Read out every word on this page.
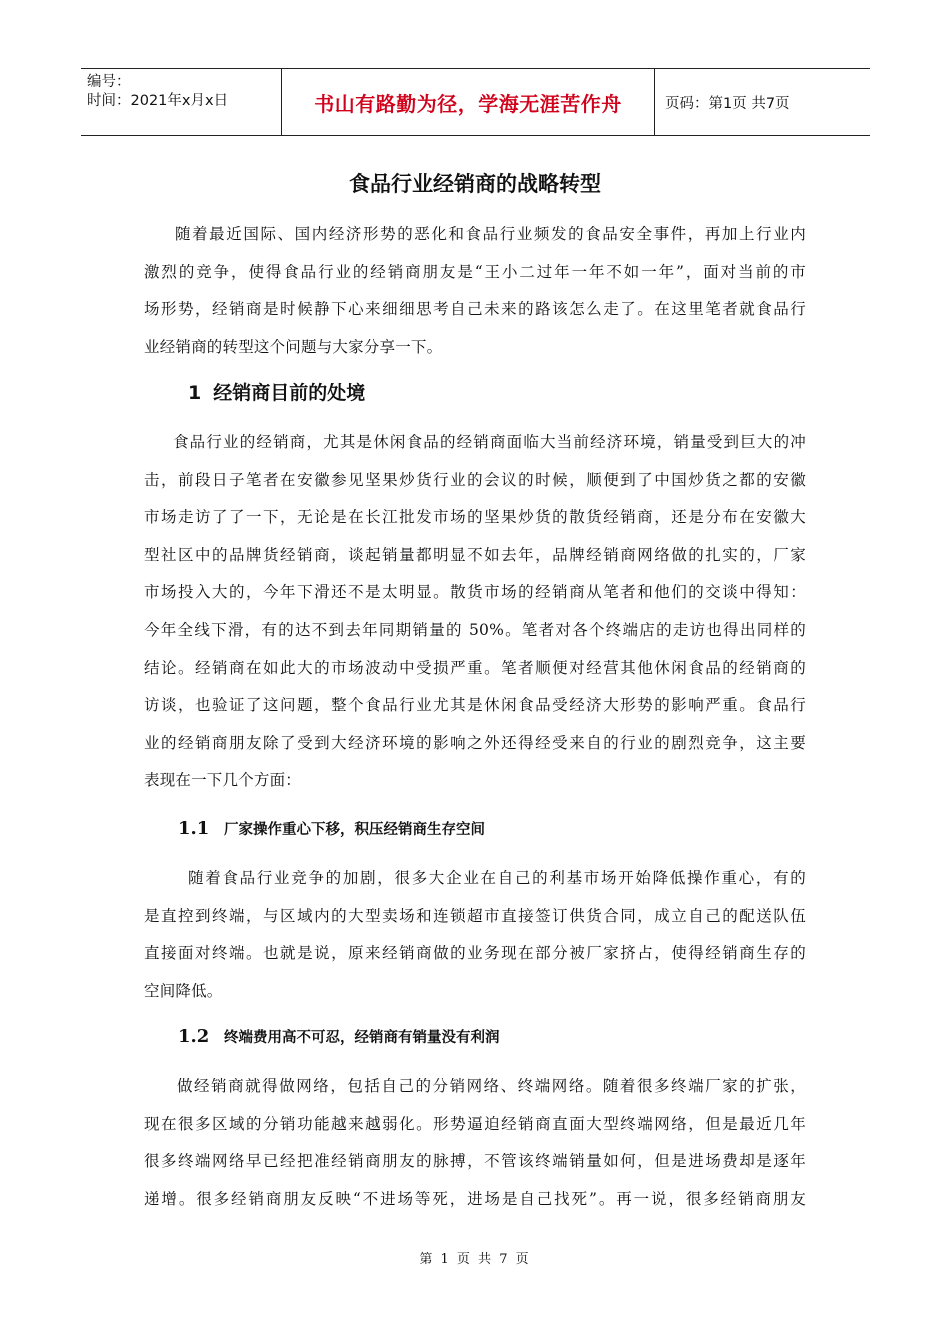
编号：
时间：2021年x月x日	书山有路勤为径，学海无涯苦作舟	页码：第1页 共7页
食品行业经销商的战略转型
随着最近国际、国内经济形势的恶化和食品行业频发的食品安全事件，再加上行业内
激烈的竞争，使得食品行业的经销商朋友是“王小二过年一年不如一年”，面对当前的市
场形势，经销商是时候静下心来细细思考自己未来的路该怎么走了。在这里笔者就食品行
业经销商的转型这个问题与大家分享一下。
1 经销商目前的处境
食品行业的经销商，尤其是休闲食品的经销商面临大当前经济环境，销量受到巨大的冲
击，前段日子笔者在安徽参见坚果炒货行业的会议的时候，顺便到了中国炒货之都的安徽
市场走访了了一下，无论是在长江批发市场的坚果炒货的散货经销商，还是分布在安徽大
型社区中的品牌货经销商，谈起销量都明显不如去年，品牌经销商网络做的扎实的，厂家
市场投入大的，今年下滑还不是太明显。散货市场的经销商从笔者和他们的交谈中得知：
今年全线下滑，有的达不到去年同期销量的 50%。笔者对各个终端店的走访也得出同样的
结论。经销商在如此大的市场波动中受损严重。笔者顺便对经营其他休闲食品的经销商的
访谈，也验证了这问题，整个食品行业尤其是休闲食品受经济大形势的影响严重。食品行
业的经销商朋友除了受到大经济环境的影响之外还得经受来自的行业的剧烈竞争，这主要
表现在一下几个方面：
1.1	厂家操作重心下移，积压经销商生存空间
随着食品行业竞争的加剧，很多大企业在自己的利基市场开始降低操作重心，有的
是直控到终端，与区域内的大型卖场和连锁超市直接签订供货合同，成立自己的配送队伍
直接面对终端。也就是说，原来经销商做的业务现在部分被厂家挤占，使得经销商生存的
空间降低。
1.2	终端费用高不可忍，经销商有销量没有利润
做经销商就得做网络，包括自己的分销网络、终端网络。随着很多终端厂家的扩张，
现在很多区域的分销功能越来越弱化。形势逼迫经销商直面大型终端网络，但是最近几年
很多终端网络早已经把准经销商朋友的脉搏，不管该终端销量如何，但是进场费却是逐年
递增。很多经销商朋友反映“不进场等死，进场是自己找死”。再一说，很多经销商朋友
第 1 页 共 7 页
